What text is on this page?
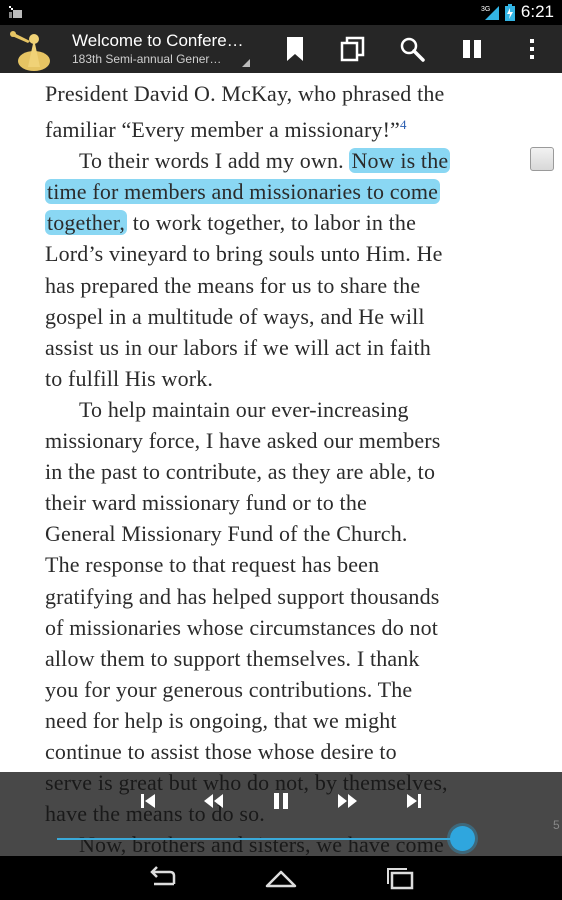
3G 6:21
Welcome to Confere…
183th Semi-annual Gener…

President David O. McKay, who phrased the
familiar “Every member a missionary!”$^4$

To their words I add my own. Now is the
time for members and missionaries to come
together, to work together, to labor in the
Lord’s vineyard to bring souls unto Him. He
has prepared the means for us to share the
gospel in a multitude of ways, and He will
assist us in our labors if we will act in faith
to fulfill His work.

To help maintain our ever-increasing
missionary force, I have asked our members
in the past to contribute, as they are able, to
their ward missionary fund or to the
General Missionary Fund of the Church.
The response to that request has been
gratifying and has helped support thousands
of missionaries whose circumstances do not
allow them to support themselves. I thank
you for your generous contributions. The
need for help is ongoing, that we might
continue to assist those whose desire to

5
